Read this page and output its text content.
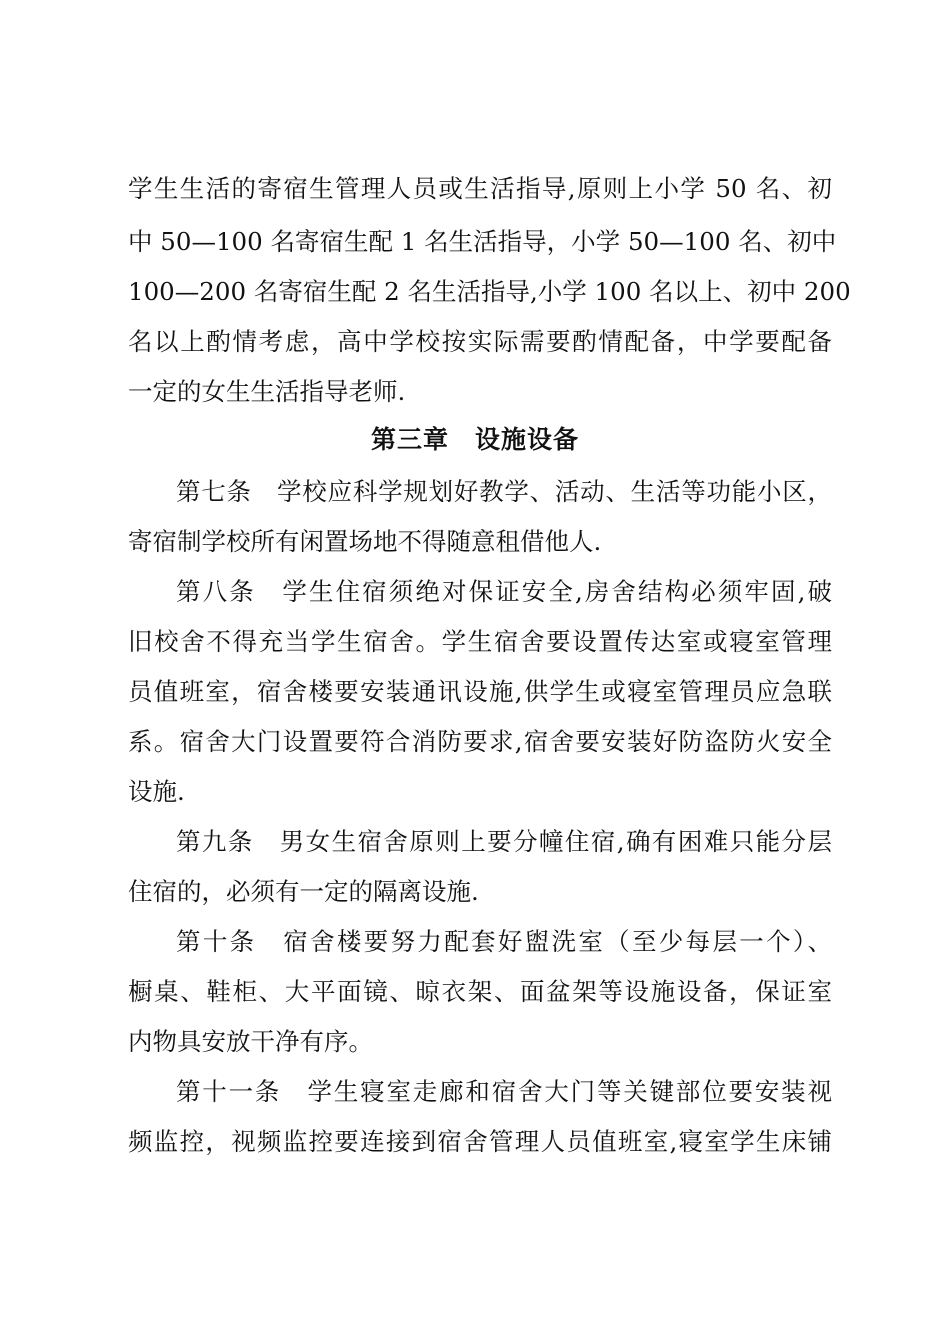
学生生活的寄宿生管理人员或生活指导,原则上小学 50 名、初
中 50—100 名寄宿生配 1 名生活指导，小学 50—100 名、初中
100—200 名寄宿生配 2 名生活指导,小学 100 名以上、初中 200
名以上酌情考虑，高中学校按实际需要酌情配备，中学要配备
一定的女生生活指导老师.
第三章　设施设备
第七条　学校应科学规划好教学、活动、生活等功能小区，
寄宿制学校所有闲置场地不得随意租借他人.
第八条　学生住宿须绝对保证安全,房舍结构必须牢固,破
旧校舍不得充当学生宿舍。学生宿舍要设置传达室或寝室管理
员值班室，宿舍楼要安装通讯设施,供学生或寝室管理员应急联
系。宿舍大门设置要符合消防要求,宿舍要安装好防盗防火安全
设施.
第九条　男女生宿舍原则上要分幢住宿,确有困难只能分层
住宿的，必须有一定的隔离设施.
第十条　宿舍楼要努力配套好盥洗室（至少每层一个）、
橱桌、鞋柜、大平面镜、晾衣架、面盆架等设施设备，保证室
内物具安放干净有序。
第十一条　学生寝室走廊和宿舍大门等关键部位要安装视
频监控，视频监控要连接到宿舍管理人员值班室,寝室学生床铺
